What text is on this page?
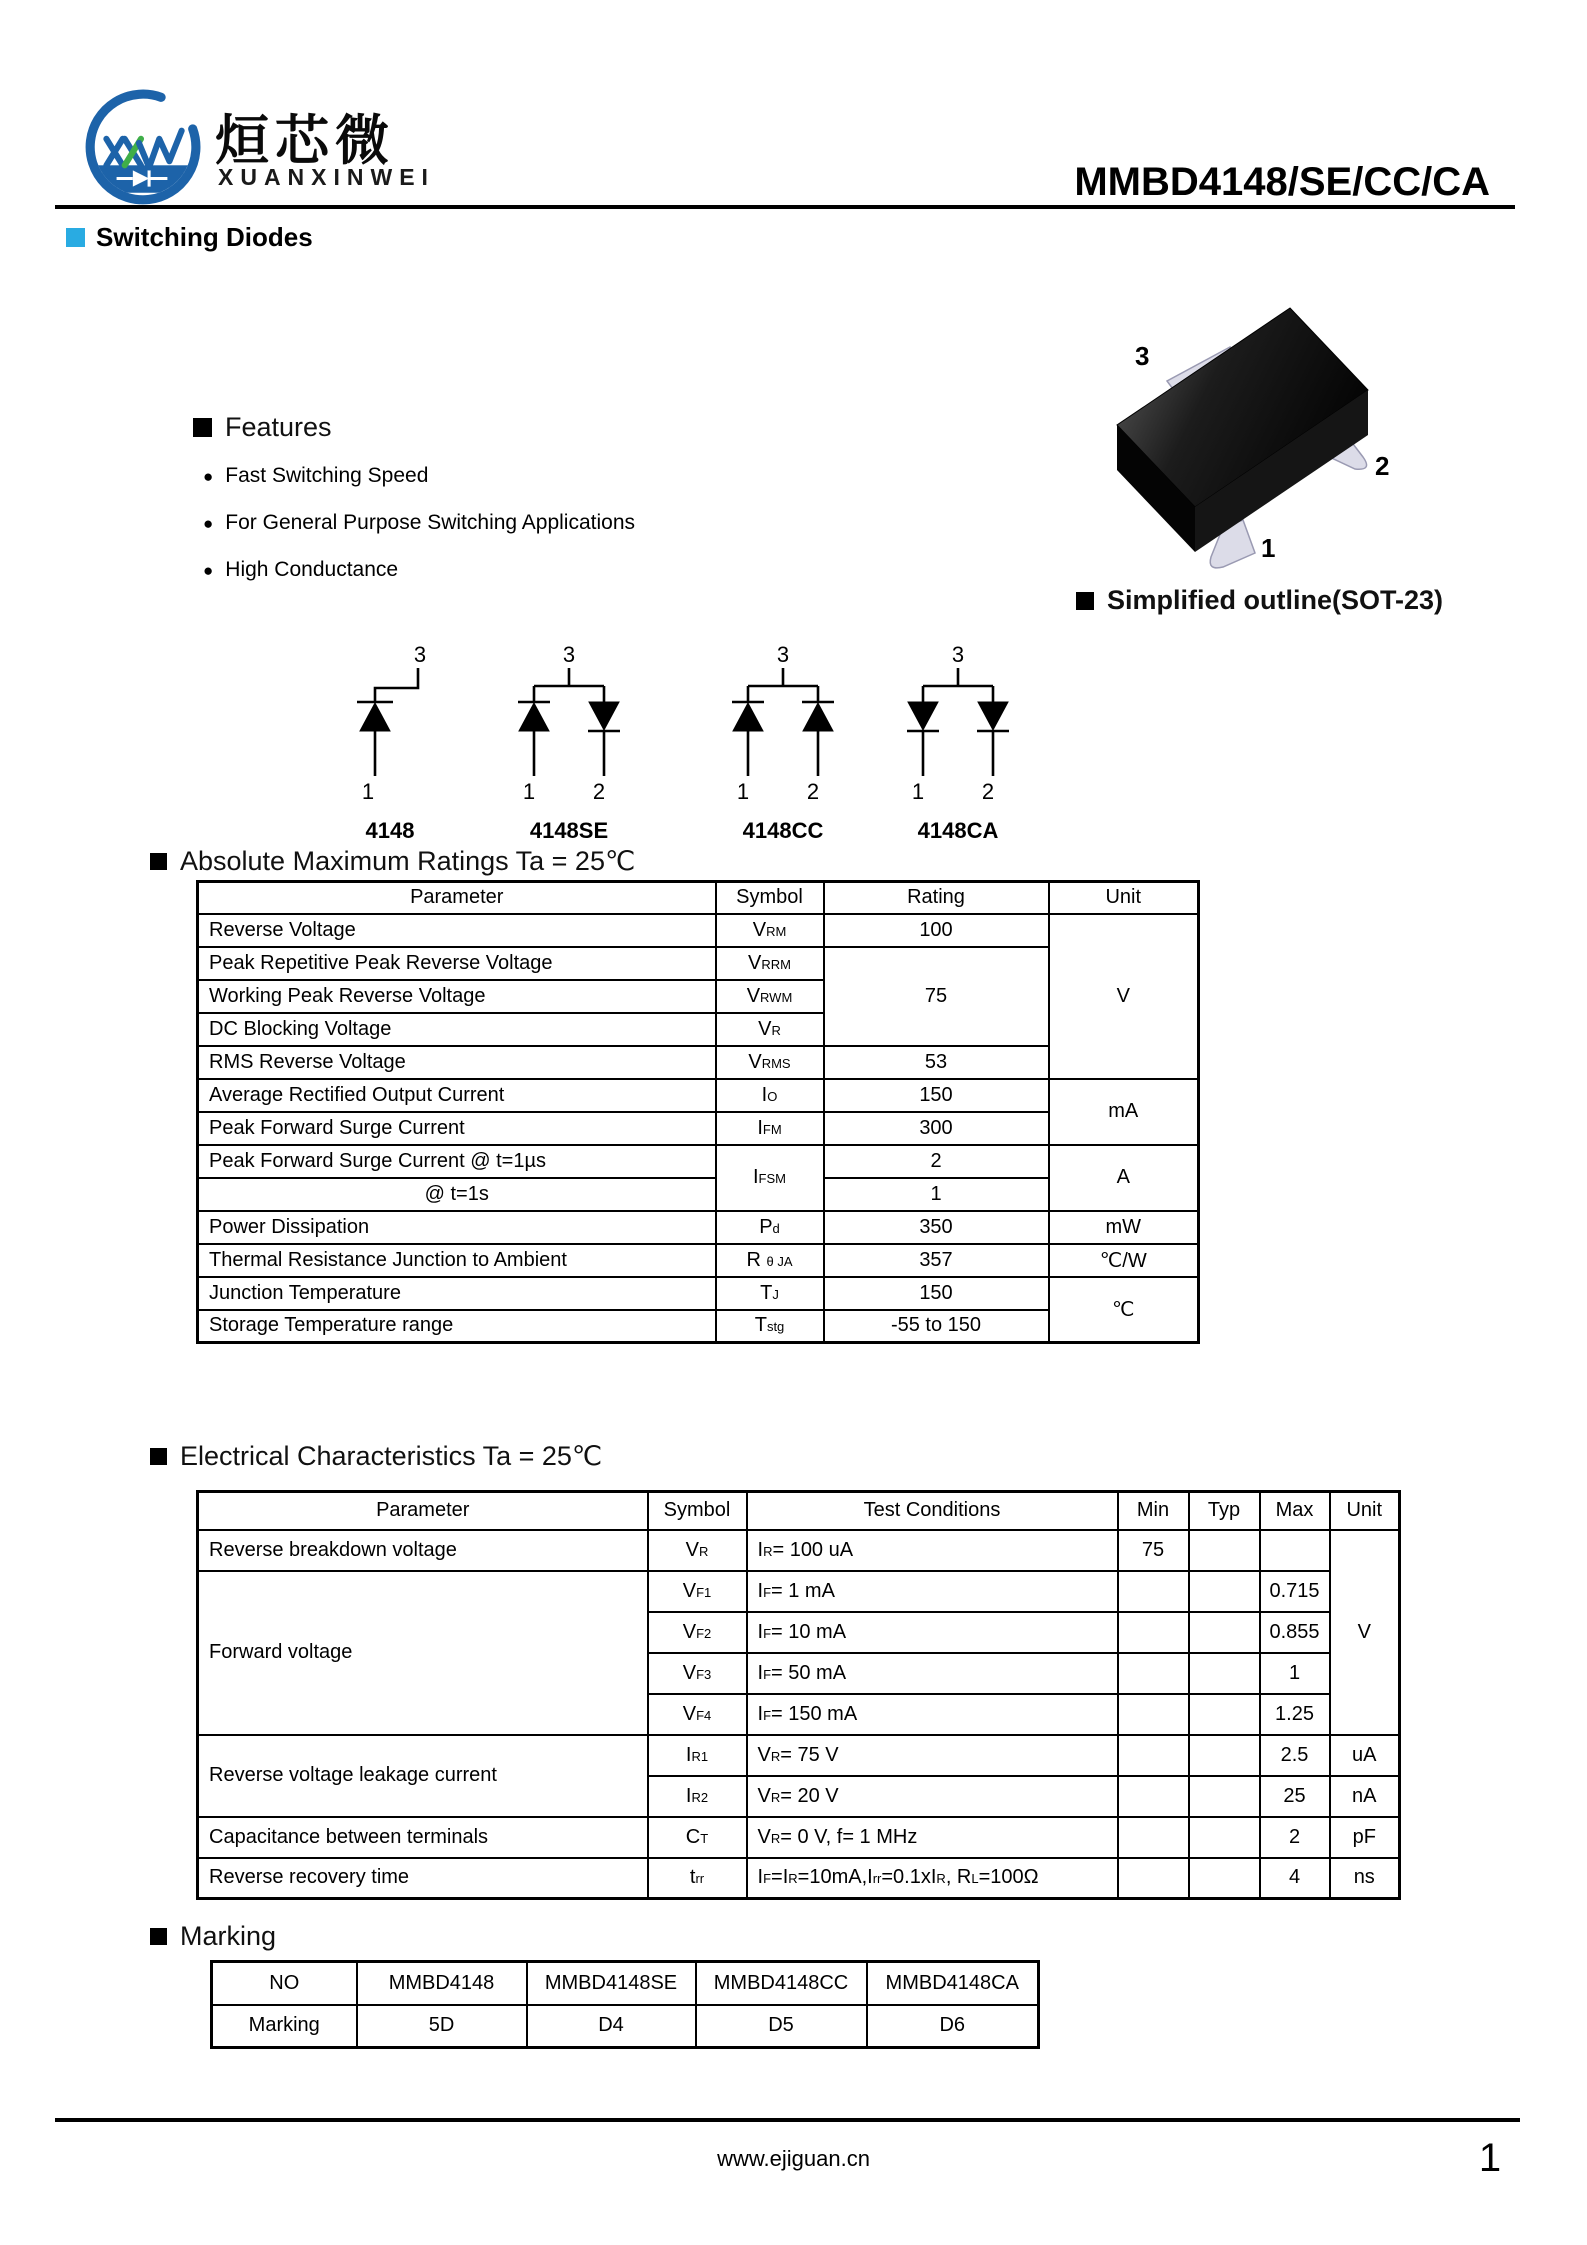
烜芯微
XUANXINWEI	MMBD4148/SE/CC/CA
Switching Diodes
Features
● Fast Switching Speed
● For General Purpose Switching Applications
● High Conductance
3
2
1
Simplified outline(SOT-23)
3
1
4148
3
1	2
4148SE
3
1	2
4148CC
3
1	2
4148CA
Absolute Maximum Ratings Ta = 25℃
Parameter	Symbol	Rating	Unit
Reverse Voltage	VRM	100	V
Peak Repetitive Peak Reverse Voltage	VRRM	75	
Working Peak Reverse Voltage	VRWM		
DC Blocking Voltage	VR		
RMS Reverse Voltage	VRMS	53	
Average Rectified Output Current	IO	150	mA
Peak Forward Surge Current	IFM	300	
Peak Forward Surge Current @ t=1µs	IFSM	2	A
@ t=1s		1	
Power Dissipation	Pd	350	mW
Thermal Resistance Junction to Ambient	R θ JA	357	℃/W
Junction Temperature	TJ	150	℃
Storage Temperature range	Tstg	-55 to 150	
Electrical Characteristics Ta = 25℃
Parameter	Symbol	Test Conditions	Min	Typ	Max	Unit
Reverse breakdown voltage	VR	IR= 100 uA	75			V
Forward voltage	VF1	IF= 1 mA			0.715	
	VF2	IF= 10 mA			0.855	
	VF3	IF= 50 mA			1	
	VF4	IF= 150 mA			1.25	
Reverse voltage leakage current	IR1	VR= 75 V			2.5	uA
	IR2	VR= 20 V			25	nA
Capacitance between terminals	CT	VR= 0 V, f= 1 MHz			2	pF
Reverse recovery time	trr	IF=IR=10mA,Irr=0.1xIR, RL=100Ω			4	ns
Marking
NO	MMBD4148	MMBD4148SE	MMBD4148CC	MMBD4148CA
Marking	5D	D4	D5	D6
www.ejiguan.cn	1
